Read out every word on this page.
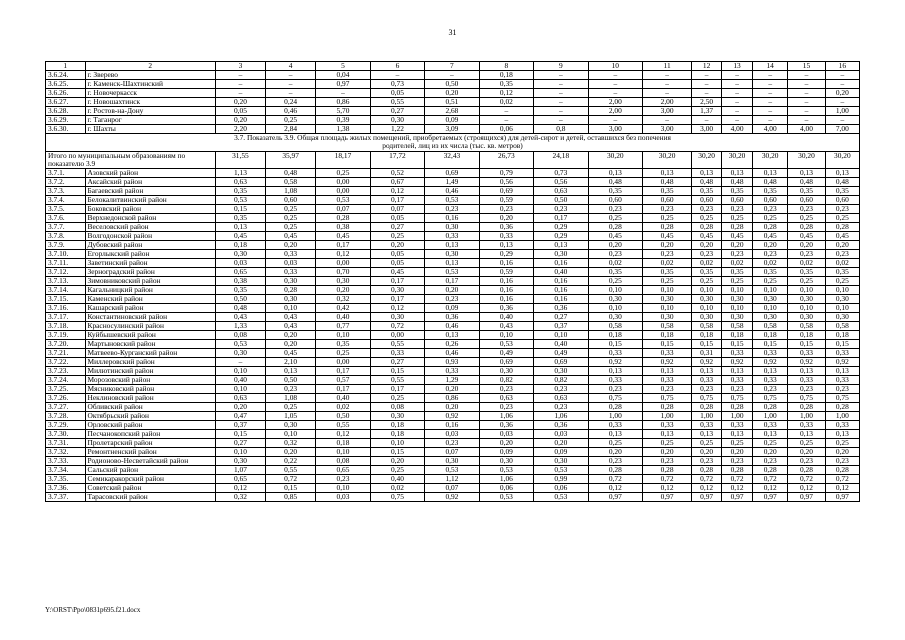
31
1	2	3	4	5	6	7	8	9	10	11	12	13	14	15	16
3.6.24.	г. Зверево	–	–	0,04	–	–	0,18	–	–	–	–	–	–	–	–
3.6.25.	г. Каменск-Шахтинский	–	–	0,97	0,73	0,50	0,35	–	–	–	–	–	–	–	–
3.6.26.	г. Новочеркасск	–	–	–	0,05	0,20	0,12	–	–	–	–	–	–	–	0,20
3.6.27.	г. Новошахтинск	0,20	0,24	0,86	0,55	0,51	0,02	–	2,00	2,00	2,50	–	–	–	–
3.6.28.	г. Ростов-на-Дону	0,05	0,46	5,70	0,27	2,68	–	–	2,00	3,00	1,37	–	–	–	1,00
3.6.29.	г. Таганрог	0,20	0,25	0,39	0,30	0,09	–	–	–	–	–	–	–	–	–
3.6.30.	г. Шахты	2,20	2,84	1,38	1,22	3,09	0,06	0,8	3,00	3,00	3,00	4,00	4,00	4,00	7,00
3.7. Показатель 3.9. Общая площадь жилых помещений, приобретаемых (строящихся) для детей-сирот и детей, оставшихся без попечения родителей, лиц из их числа (тыс. кв. метров)															
Итого по муниципальным образованиям по показателю 3.9		31,55	35,97	18,17	17,72	32,43	26,73	24,18	30,20	30,20	30,20	30,20	30,20	30,20	30,20
3.7.1.	Азовский район	1,13	0,48	0,25	0,52	0,69	0,79	0,73	0,13	0,13	0,13	0,13	0,13	0,13	0,13
3.7.2.	Аксайский район	0,63	0,58	0,00	0,67	1,49	0,56	0,56	0,48	0,48	0,48	0,48	0,48	0,48	0,48
3.7.3.	Багаевский район	0,35	1,08	0,00	0,12	0,46	0,69	0,63	0,35	0,35	0,35	0,35	0,35	0,35	0,35
3.7.4.	Белокалитвинский район	0,53	0,60	0,53	0,17	0,53	0,59	0,50	0,60	0,60	0,60	0,60	0,60	0,60	0,60
3.7.5.	Боковский район	0,15	0,25	0,07	0,07	0,23	0,23	0,23	0,23	0,23	0,23	0,23	0,23	0,23	0,23
3.7.6.	Верхнедонской район	0,35	0,25	0,28	0,05	0,16	0,20	0,17	0,25	0,25	0,25	0,25	0,25	0,25	0,25
3.7.7.	Веселовский район	0,13	0,25	0,38	0,27	0,30	0,36	0,29	0,28	0,28	0,28	0,28	0,28	0,28	0,28
3.7.8.	Волгодонской район	0,45	0,45	0,45	0,25	0,33	0,33	0,29	0,45	0,45	0,45	0,45	0,45	0,45	0,45
3.7.9.	Дубовский район	0,18	0,20	0,17	0,20	0,13	0,13	0,13	0,20	0,20	0,20	0,20	0,20	0,20	0,20
3.7.10.	Егорлыкский район	0,30	0,33	0,12	0,05	0,30	0,29	0,30	0,23	0,23	0,23	0,23	0,23	0,23	0,23
3.7.11.	Заветинский район	0,03	0,03	0,00	0,05	0,13	0,16	0,16	0,02	0,02	0,02	0,02	0,02	0,02	0,02
3.7.12.	Зерноградский район	0,65	0,33	0,70	0,45	0,53	0,59	0,40	0,35	0,35	0,35	0,35	0,35	0,35	0,35
3.7.13.	Зимовниковский район	0,38	0,30	0,30	0,17	0,17	0,16	0,16	0,25	0,25	0,25	0,25	0,25	0,25	0,25
3.7.14.	Кагальницкий район	0,35	0,28	0,20	0,30	0,20	0,16	0,16	0,10	0,10	0,10	0,10	0,10	0,10	0,10
3.7.15.	Каменский район	0,50	0,30	0,32	0,17	0,23	0,16	0,16	0,30	0,30	0,30	0,30	0,30	0,30	0,30
3.7.16.	Кашарский район	0,48	0,10	0,42	0,12	0,09	0,36	0,36	0,10	0,10	0,10	0,10	0,10	0,10	0,10
3.7.17.	Константиновский район	0,43	0,43	0,40	0,30	0,36	0,40	0,27	0,30	0,30	0,30	0,30	0,30	0,30	0,30
3.7.18.	Красносулинский район	1,33	0,43	0,77	0,72	0,46	0,43	0,37	0,58	0,58	0,58	0,58	0,58	0,58	0,58
3.7.19.	Куйбышевский район	0,08	0,20	0,10	0,00	0,13	0,10	0,10	0,18	0,18	0,18	0,18	0,18	0,18	0,18
3.7.20.	Мартыновский район	0,53	0,20	0,35	0,55	0,26	0,53	0,40	0,15	0,15	0,15	0,15	0,15	0,15	0,15
3.7.21.	Матвеево-Курганский район	0,30	0,45	0,25	0,33	0,46	0,49	0,49	0,33	0,33	0,31	0,33	0,33	0,33	0,33
3.7.22.	Миллеровский район	–	2,10	0,00	0,27	0,93	0,69	0,69	0,92	0,92	0,92	0,92	0,92	0,92	0,92
3.7.23.	Милютинский район	0,10	0,13	0,17	0,15	0,33	0,30	0,30	0,13	0,13	0,13	0,13	0,13	0,13	0,13
3.7.24.	Морозовский район	0,40	0,50	0,57	0,55	1,29	0,82	0,82	0,33	0,33	0,33	0,33	0,33	0,33	0,33
3.7.25.	Мясниковский район	0,10	0,23	0,17	0,17	0,20	0,23	0,23	0,23	0,23	0,23	0,23	0,23	0,23	0,23
3.7.26.	Неклиновский район	0,63	1,08	0,40	0,25	0,86	0,63	0,63	0,75	0,75	0,75	0,75	0,75	0,75	0,75
3.7.27.	Обливский район	0,20	0,25	0,02	0,08	0,20	0,23	0,23	0,28	0,28	0,28	0,28	0,28	0,28	0,28
3.7.28.	Октябрьский район	0,47	1,05	0,50	0,30	0,92	1,06	1,06	1,00	1,00	1,00	1,00	1,00	1,00	1,00
3.7.29.	Орловский район	0,37	0,30	0,55	0,18	0,16	0,36	0,36	0,33	0,33	0,33	0,33	0,33	0,33	0,33
3.7.30.	Песчанокопский район	0,15	0,10	0,12	0,18	0,03	0,03	0,03	0,13	0,13	0,13	0,13	0,13	0,13	0,13
3.7.31.	Пролетарский район	0,27	0,32	0,18	0,10	0,23	0,20	0,20	0,25	0,25	0,25	0,25	0,25	0,25	0,25
3.7.32.	Ремонтненский район	0,10	0,20	0,10	0,15	0,07	0,09	0,09	0,20	0,20	0,20	0,20	0,20	0,20	0,20
3.7.33.	Родионово-Несветайский район	0,30	0,22	0,08	0,20	0,30	0,30	0,30	0,23	0,23	0,23	0,23	0,23	0,23	0,23
3.7.34.	Сальский район	1,07	0,55	0,65	0,25	0,53	0,53	0,53	0,28	0,28	0,28	0,28	0,28	0,28	0,28
3.7.35.	Семикаракорский район	0,65	0,72	0,23	0,40	1,12	1,06	0,99	0,72	0,72	0,72	0,72	0,72	0,72	0,72
3.7.36.	Советский район	0,12	0,15	0,10	0,02	0,07	0,06	0,06	0,12	0,12	0,12	0,12	0,12	0,12	0,12
3.7.37.	Тарасовский район	0,32	0,85	0,03	0,75	0,92	0,53	0,53	0,97	0,97	0,97	0,97	0,97	0,97	0,97
Y:\ORST\Ppo\0831p695.f21.docx
